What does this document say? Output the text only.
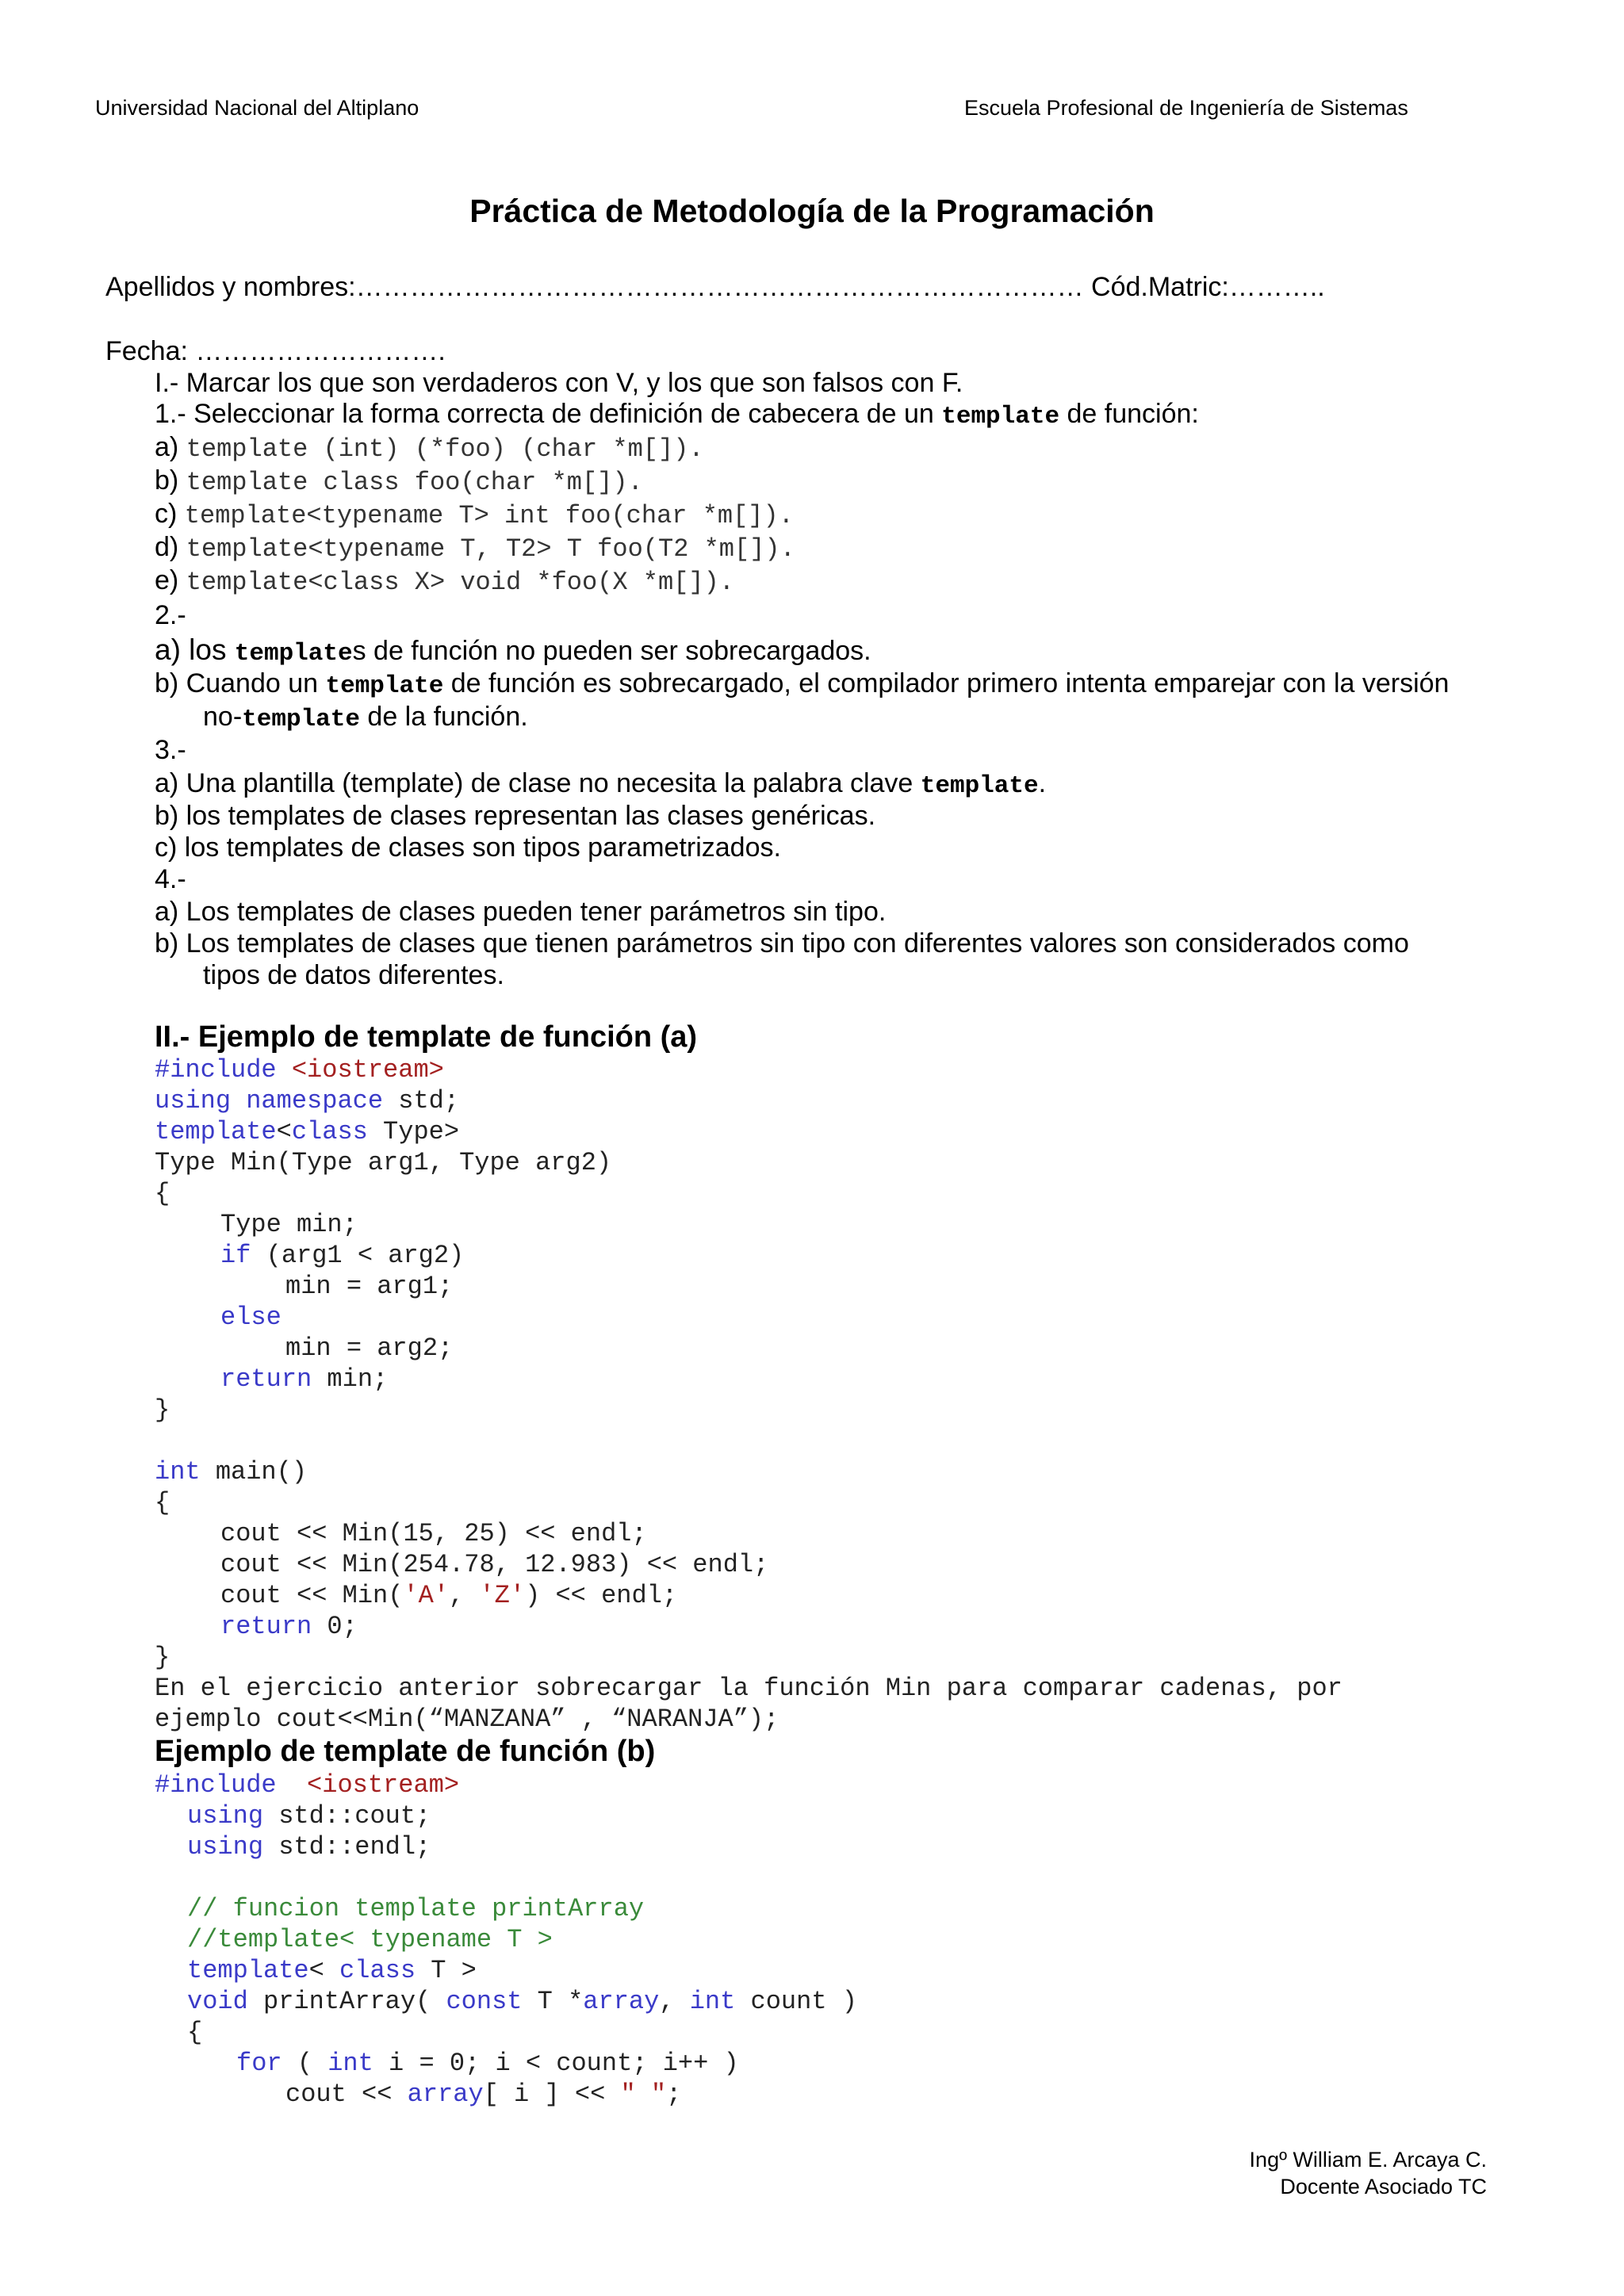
Universidad Nacional del Altiplano	Escuela Profesional de Ingeniería de Sistemas
Práctica de Metodología de la Programación
Apellidos y nombres:……………………………………………………………………… Cód.Matric:………..
Fecha: ……………………….
I.- Marcar los que son verdaderos con V, y los que son falsos con F.
1.- Seleccionar la forma correcta de definición de cabecera de un template de función:
a) template (int) (*foo) (char *m[]).
b) template class foo(char *m[]).
c) template<typename T> int foo(char *m[]).
d) template<typename T, T2> T foo(T2 *m[]).
e) template<class X> void *foo(X *m[]).
2.-
a) los templates de función no pueden ser sobrecargados.
b) Cuando un template de función es sobrecargado, el compilador primero intenta emparejar con la versión
no-template de la función.
3.-
a) Una plantilla (template) de clase no necesita la palabra clave template.
b) los templates de clases representan las clases genéricas.
c) los templates de clases son tipos parametrizados.
4.-
a) Los templates de clases pueden tener parámetros sin tipo.
b) Los templates de clases que tienen parámetros sin tipo con diferentes valores son considerados como
tipos de datos diferentes.
II.- Ejemplo de template de función (a)
#include <iostream>
using namespace std;
template<class Type>
Type Min(Type arg1, Type arg2)
{
Type min;
if (arg1 < arg2)
min = arg1;
else
min = arg2;
return min;
}
int main()
{
cout << Min(15, 25) << endl;
cout << Min(254.78, 12.983) << endl;
cout << Min('A', 'Z') << endl;
return 0;
}
En el ejercicio anterior sobrecargar la función Min para comparar cadenas, por
ejemplo cout<<Min(“MANZANA” , “NARANJA”);
Ejemplo de template de función (b)
#include  <iostream>
using std::cout;
using std::endl;
// funcion template printArray
//template< typename T >
template< class T >
void printArray( const T *array, int count )
{
for ( int i = 0; i < count; i++ )
cout << array[ i ] << " ";
Ingº William E. Arcaya C.
Docente Asociado TC
